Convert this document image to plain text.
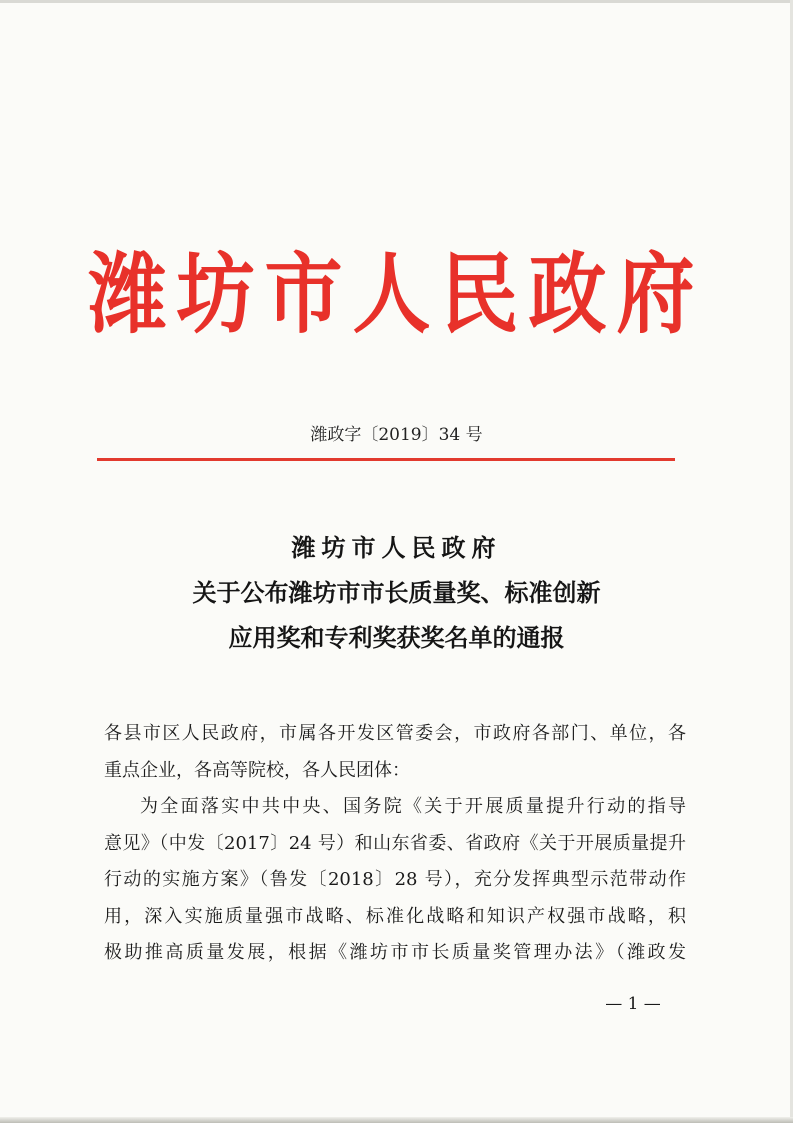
潍坊市人民政府
潍政字〔2019〕34 号
潍坊市人民政府
关于公布潍坊市市长质量奖、标准创新
应用奖和专利奖获奖名单的通报
各县市区人民政府，市属各开发区管委会，市政府各部门、单位，各
重点企业，各高等院校，各人民团体：
为全面落实中共中央、国务院《关于开展质量提升行动的指导
意见》（中发〔2017〕24 号）和山东省委、省政府《关于开展质量提升
行动的实施方案》（鲁发〔2018〕28 号），充分发挥典型示范带动作
用，深入实施质量强市战略、标准化战略和知识产权强市战略，积
极助推高质量发展，根据《潍坊市市长质量奖管理办法》（潍政发
— 1 —
